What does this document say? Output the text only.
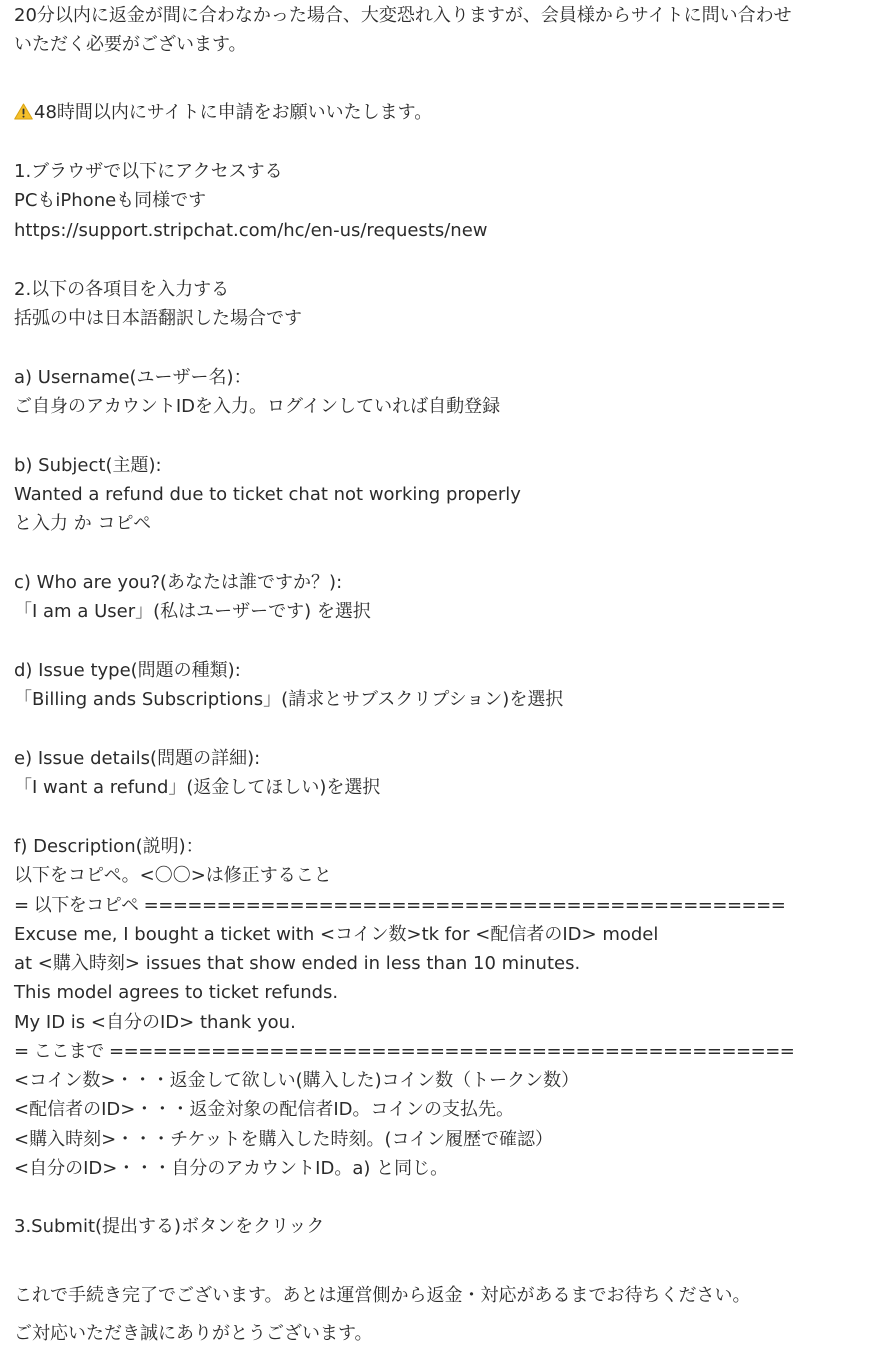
20分以内に返金が間に合わなかった場合、大変恐れ入りますが、会員様からサイトに問い合わせ
いただく必要がございます。
48時間以内にサイトに申請をお願いいたします。
1.ブラウザで以下にアクセスする
PCもiPhoneも同様です
https://support.stripchat.com/hc/en-us/requests/new
2.以下の各項目を入力する
括弧の中は日本語翻訳した場合です
a) Username(ユーザー名)：
ご自身のアカウントIDを入力。ログインしていれば自動登録
b) Subject(主題):
Wanted a refund due to ticket chat not working properly
と入力 か コピペ
c) Who are you?(あなたは誰ですか？):
「I am a User」(私はユーザーです) を選択
d) Issue type(問題の種類):
「Billing ands Subscriptions」(請求とサブスクリプション)を選択
e) Issue details(問題の詳細):
「I want a refund」(返金してほしい)を選択
f) Description(説明)：
以下をコピペ。<〇〇>は修正すること
= 以下をコピペ ============================================
Excuse me, I bought a ticket with <コイン数>tk for <配信者のID> model
at <購入時刻> issues that show ended in less than 10 minutes.
This model agrees to ticket refunds.
My ID is <自分のID> thank you.
= ここまで ===============================================
<コイン数>・・・返金して欲しい(購入した)コイン数（トークン数）
<配信者のID>・・・返金対象の配信者ID。コインの支払先。
<購入時刻>・・・チケットを購入した時刻。(コイン履歴で確認）
<自分のID>・・・自分のアカウントID。a) と同じ。
3.Submit(提出する)ボタンをクリック
これで手続き完了でございます。あとは運営側から返金・対応があるまでお待ちください。
ご対応いただき誠にありがとうございます。
